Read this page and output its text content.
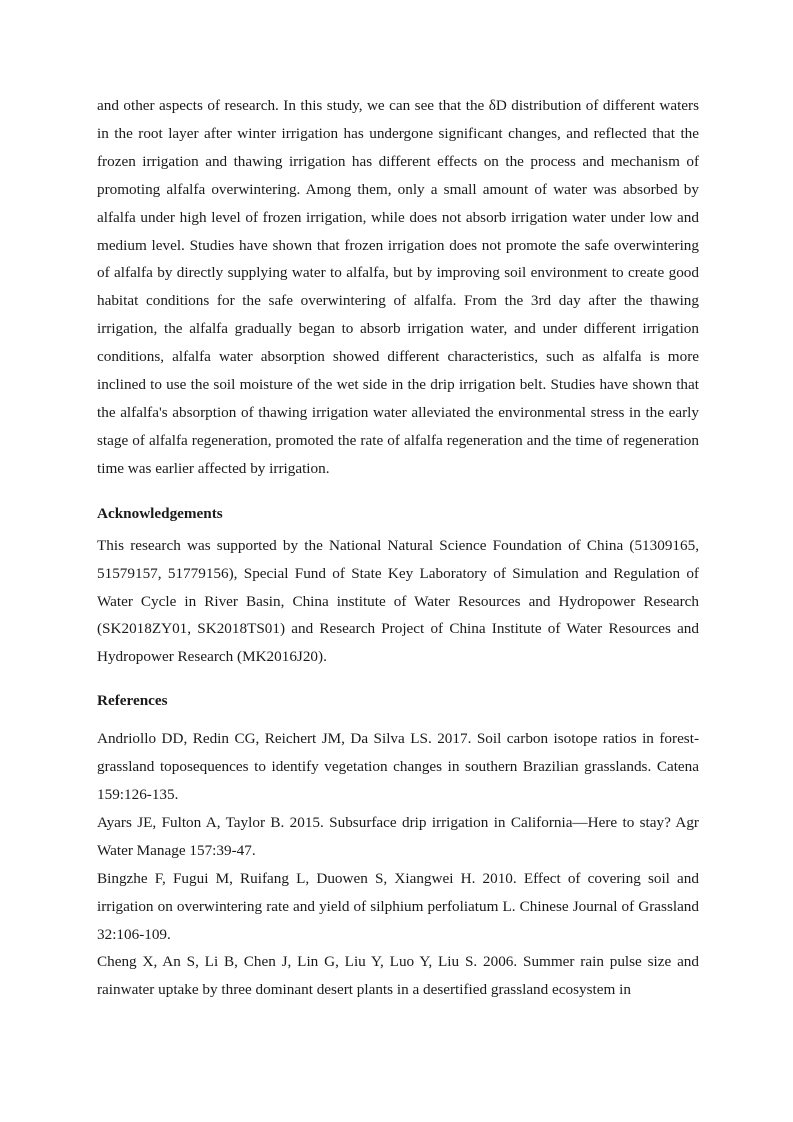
and other aspects of research. In this study, we can see that the δD distribution of different waters in the root layer after winter irrigation has undergone significant changes, and reflected that the frozen irrigation and thawing irrigation has different effects on the process and mechanism of promoting alfalfa overwintering. Among them, only a small amount of water was absorbed by alfalfa under high level of frozen irrigation, while does not absorb irrigation water under low and medium level. Studies have shown that frozen irrigation does not promote the safe overwintering of alfalfa by directly supplying water to alfalfa, but by improving soil environment to create good habitat conditions for the safe overwintering of alfalfa. From the 3rd day after the thawing irrigation, the alfalfa gradually began to absorb irrigation water, and under different irrigation conditions, alfalfa water absorption showed different characteristics, such as alfalfa is more inclined to use the soil moisture of the wet side in the drip irrigation belt. Studies have shown that the alfalfa's absorption of thawing irrigation water alleviated the environmental stress in the early stage of alfalfa regeneration, promoted the rate of alfalfa regeneration and the time of regeneration time was earlier affected by irrigation.

Acknowledgements

This research was supported by the National Natural Science Foundation of China (51309165, 51579157, 51779156), Special Fund of State Key Laboratory of Simulation and Regulation of Water Cycle in River Basin, China institute of Water Resources and Hydropower Research (SK2018ZY01, SK2018TS01) and Research Project of China Institute of Water Resources and Hydropower Research (MK2016J20).

References
Andriollo DD, Redin CG, Reichert JM, Da Silva LS. 2017. Soil carbon isotope ratios in forest-grassland toposequences to identify vegetation changes in southern Brazilian grasslands. Catena 159:126-135.
Ayars JE, Fulton A, Taylor B. 2015. Subsurface drip irrigation in California—Here to stay? Agr Water Manage 157:39-47.
Bingzhe F, Fugui M, Ruifang L, Duowen S, Xiangwei H. 2010. Effect of covering soil and irrigation on overwintering rate and yield of silphium perfoliatum L. Chinese Journal of Grassland 32:106-109.
Cheng X, An S, Li B, Chen J, Lin G, Liu Y, Luo Y, Liu S. 2006. Summer rain pulse size and rainwater uptake by three dominant desert plants in a desertified grassland ecosystem in
